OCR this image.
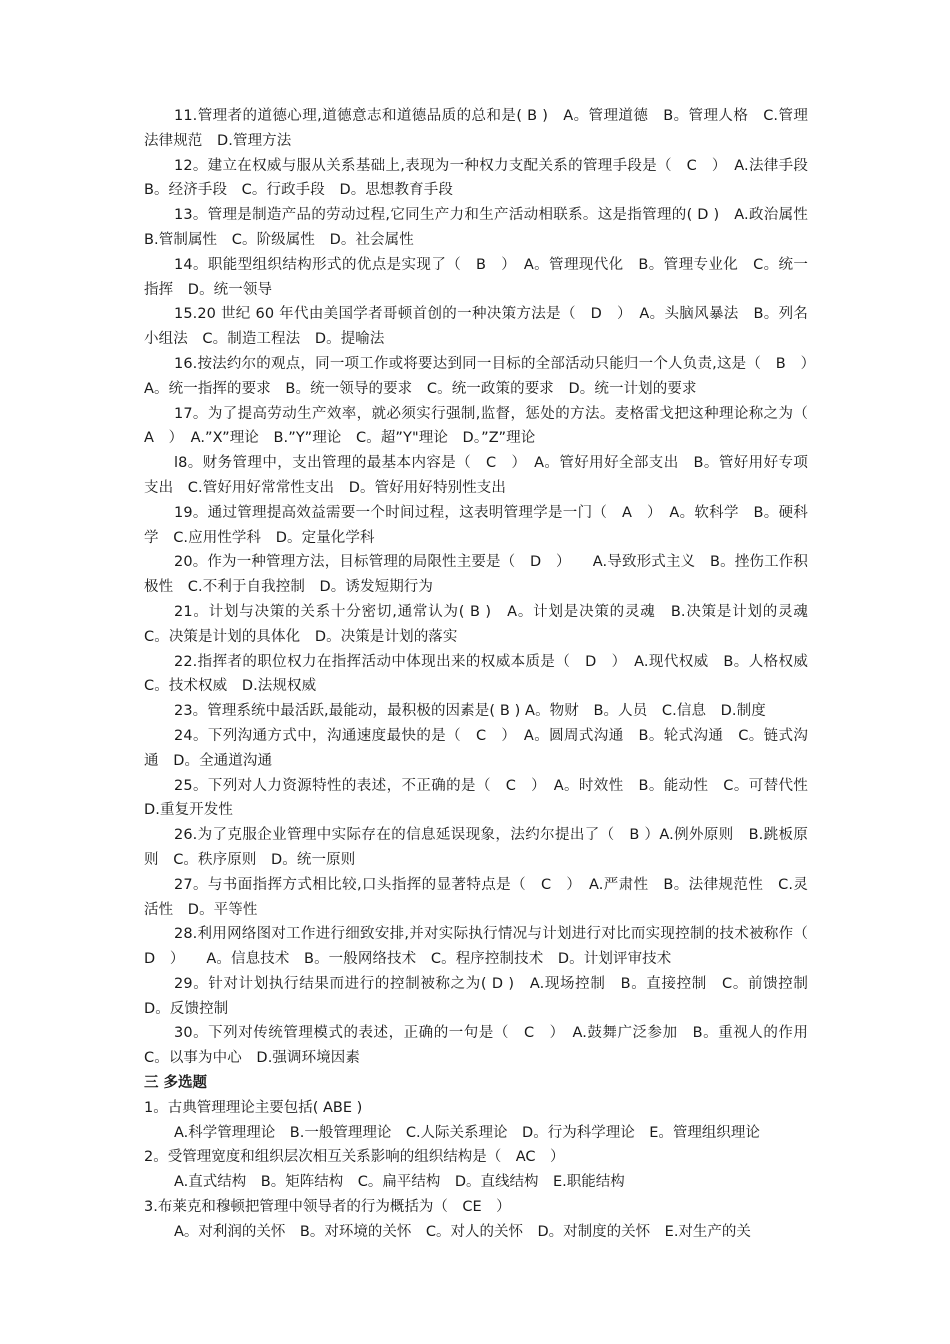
11.管理者的道德心理,道德意志和道德品质的总和是( B )　A。管理道德　B。管理人格　C.管理法律规范　D.管理方法

12。建立在权威与服从关系基础上,表现为一种权力支配关系的管理手段是（　C　）　A.法律手段　B。经济手段　C。行政手段　D。思想教育手段

13。管理是制造产品的劳动过程,它同生产力和生产活动相联系。这是指管理的( D )　A.政治属性　B.管制属性　C。阶级属性　D。社会属性

14。职能型组织结构形式的优点是实现了（　B　）　A。管理现代化　B。管理专业化　C。统一指挥　D。统一领导

15.20 世纪 60 年代由美国学者哥顿首创的一种决策方法是（　D　）　A。头脑风暴法　B。列名小组法　C。制造工程法　D。提喻法

16.按法约尔的观点，同一项工作或将要达到同一目标的全部活动只能归一个人负责,这是（　B　）　A。统一指挥的要求　B。统一领导的要求　C。统一政策的要求　D。统一计划的要求

17。为了提高劳动生产效率，就必须实行强制,监督，惩处的方法。麦格雷戈把这种理论称之为（　A　）　A.”X”理论　B.”Y”理论　C。超”Y"理论　D。”Z”理论

l8。财务管理中，支出管理的最基本内容是（　C　）　A。管好用好全部支出　B。管好用好专项支出　C.管好用好常常性支出　D。管好用好特别性支出

19。通过管理提高效益需要一个时间过程，这表明管理学是一门（　A　）　A。软科学　B。硬科学　C.应用性学科　D。定量化学科

20。作为一种管理方法，目标管理的局限性主要是（　D　）　　A.导致形式主义　B。挫伤工作积极性　C.不利于自我控制　D。诱发短期行为

21。计划与决策的关系十分密切,通常认为( B )　A。计划是决策的灵魂　B.决策是计划的灵魂　C。决策是计划的具体化　D。决策是计划的落实

22.指挥者的职位权力在指挥活动中体现出来的权威本质是（　D　）　A.现代权威　B。人格权威　C。技术权威　D.法规权威

23。管理系统中最活跃,最能动，最积极的因素是( B ) A。物财　B。人员　C.信息　D.制度

24。下列沟通方式中，沟通速度最快的是（　C　）　A。圆周式沟通　B。轮式沟通　C。链式沟通　D。全通道沟通

25。下列对人力资源特性的表述，不正确的是（　C　）　A。时效性　B。能动性　C。可替代性　D.重复开发性

26.为了克服企业管理中实际存在的信息延误现象，法约尔提出了（　B ）A.例外原则　B.跳板原则　C。秩序原则　D。统一原则

27。与书面指挥方式相比较,口头指挥的显著特点是（　C　）　A.严肃性　B。法律规范性　C.灵活性　D。平等性

28.利用网络图对工作进行细致安排,并对实际执行情况与计划进行对比而实现控制的技术被称作（　D　）　　A。信息技术　B。一般网络技术　C。程序控制技术　D。计划评审技术

29。针对计划执行结果而进行的控制被称之为( D )　A.现场控制　B。直接控制　C。前馈控制　D。反馈控制

30。下列对传统管理模式的表述，正确的一句是（　C　）　A.鼓舞广泛参加　B。重视人的作用　　C。以事为中心　D.强调环境因素

三 多选题

1。古典管理理论主要包括( ABE )

A.科学管理理论　B.一般管理理论　C.人际关系理论　D。行为科学理论　E。管理组织理论

2。受管理宽度和组织层次相互关系影响的组织结构是（　AC　）

A.直式结构　B。矩阵结构　C。扁平结构　D。直线结构　E.职能结构

3.布莱克和穆顿把管理中领导者的行为概括为（　CE　）

A。对利润的关怀　B。对环境的关怀　C。对人的关怀　D。对制度的关怀　E.对生产的关
